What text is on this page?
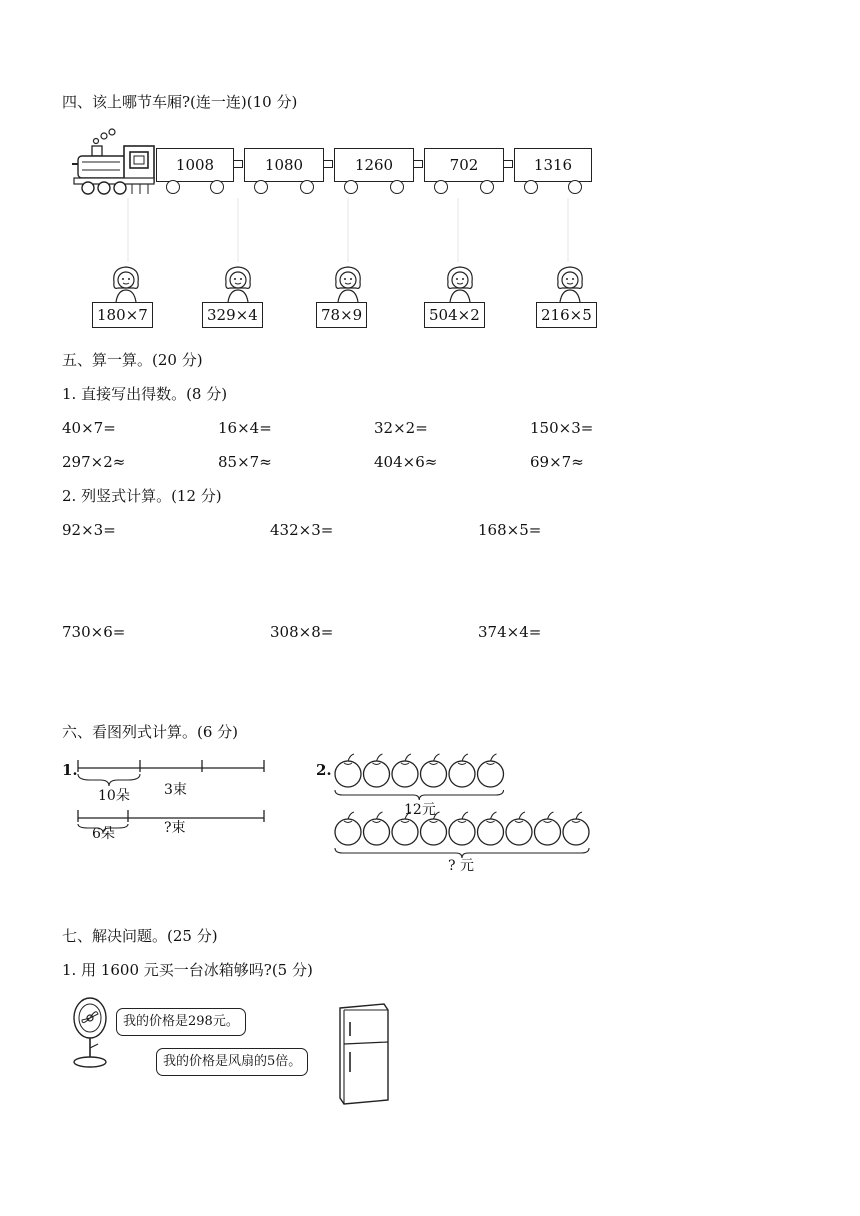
四、该上哪节车厢?(连一连)(10 分)
1008	1080	1260	702	1316
180×7	329×4	78×9	504×2	216×5
五、算一算。(20 分)
1. 直接写出得数。(8 分)
40×7=	16×4=	32×2=	150×3=
297×2≈	85×7≈	404×6≈	69×7≈
2. 列竖式计算。(12 分)
92×3=	432×3=	168×5=
730×6=	308×8=	374×4=
六、看图列式计算。(6 分)
1.
10朵 3束
6朵	?束
2.
12元
? 元
七、解决问题。(25 分)
1. 用 1600 元买一台冰箱够吗?(5 分)
我的价格是298元。
我的价格是风扇的5倍。
